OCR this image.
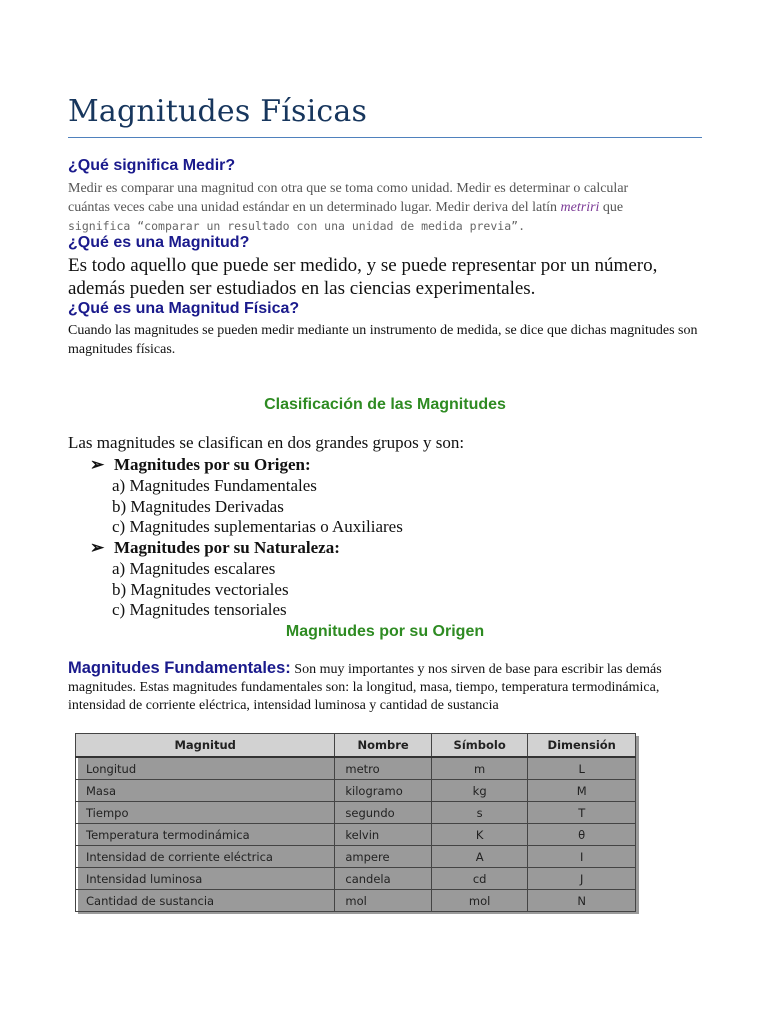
Magnitudes Físicas
¿Qué significa Medir?
Medir es comparar una magnitud con otra que se toma como unidad. Medir es determinar o calcular
cuántas veces cabe una unidad estándar en un determinado lugar. Medir deriva del latín metriri que
significa “comparar un resultado con una unidad de medida previa”.
¿Qué es una Magnitud?
Es todo aquello que puede ser medido, y se puede representar por un número, además pueden ser estudiados en las ciencias experimentales.
¿Qué es una Magnitud Física?
Cuando las magnitudes se pueden medir mediante un instrumento de medida, se dice que dichas magnitudes son magnitudes físicas.
Clasificación de las Magnitudes
Las magnitudes se clasifican en dos grandes grupos y son:
➢ Magnitudes por su Origen:
a) Magnitudes Fundamentales
b) Magnitudes Derivadas
c) Magnitudes suplementarias o Auxiliares
➢ Magnitudes por su Naturaleza:
a) Magnitudes escalares
b) Magnitudes vectoriales
c) Magnitudes tensoriales
Magnitudes por su Origen
Magnitudes Fundamentales: Son muy importantes y nos sirven de base para escribir las demás magnitudes. Estas magnitudes fundamentales son: la longitud, masa, tiempo, temperatura termodinámica, intensidad de corriente eléctrica, intensidad luminosa y cantidad de sustancia
Magnitud	Nombre	Símbolo	Dimensión
Longitud	metro	m	L
Masa	kilogramo	kg	M
Tiempo	segundo	s	T
Temperatura termodinámica	kelvin	K	θ
Intensidad de corriente eléctrica	ampere	A	I
Intensidad luminosa	candela	cd	J
Cantidad de sustancia	mol	mol	N
